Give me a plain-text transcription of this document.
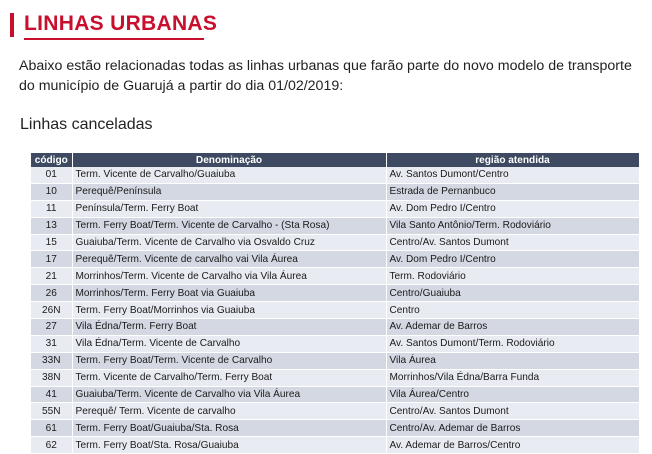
LINHAS URBANAS

Abaixo estão relacionadas todas as linhas urbanas que farão parte do novo modelo de transporte do município de Guarujá a partir do dia 01/02/2019:

Linhas canceladas
código	Denominação	região atendida
01	Term. Vicente de Carvalho/Guaiuba	Av. Santos Dumont/Centro
10	Perequê/Península	Estrada de Pernanbuco
11	Península/Term. Ferry Boat	Av. Dom Pedro I/Centro
13	Term. Ferry Boat/Term. Vicente de Carvalho - (Sta Rosa)	Vila Santo Antônio/Term. Rodoviário
15	Guaiuba/Term. Vicente de Carvalho via Osvaldo Cruz	Centro/Av. Santos Dumont
17	Perequê/Term. Vicente de carvalho vai Vila Áurea	Av. Dom Pedro I/Centro
21	Morrinhos/Term. Vicente de Carvalho via Vila Áurea	Term. Rodoviário
26	Morrinhos/Term. Ferry Boat via Guaiuba	Centro/Guaiuba
26N	Term. Ferry Boat/Morrinhos via Guaiuba	Centro
27	Vila Édna/Term. Ferry Boat	Av. Ademar de Barros
31	Vila Édna/Term. Vicente de Carvalho	Av. Santos Dumont/Term. Rodoviário
33N	Term. Ferry Boat/Term. Vicente de Carvalho	Vila Áurea
38N	Term. Vicente de Carvalho/Term. Ferry Boat	Morrinhos/Vila Édna/Barra Funda
41	Guaiuba/Term. Vicente de Carvalho via Vila Áurea	Vila Áurea/Centro
55N	Perequê/ Term. Vicente de carvalho	Centro/Av. Santos Dumont
61	Term. Ferry Boat/Guaiuba/Sta. Rosa	Centro/Av. Ademar de Barros
62	Term. Ferry Boat/Sta. Rosa/Guaiuba	Av. Ademar de Barros/Centro
